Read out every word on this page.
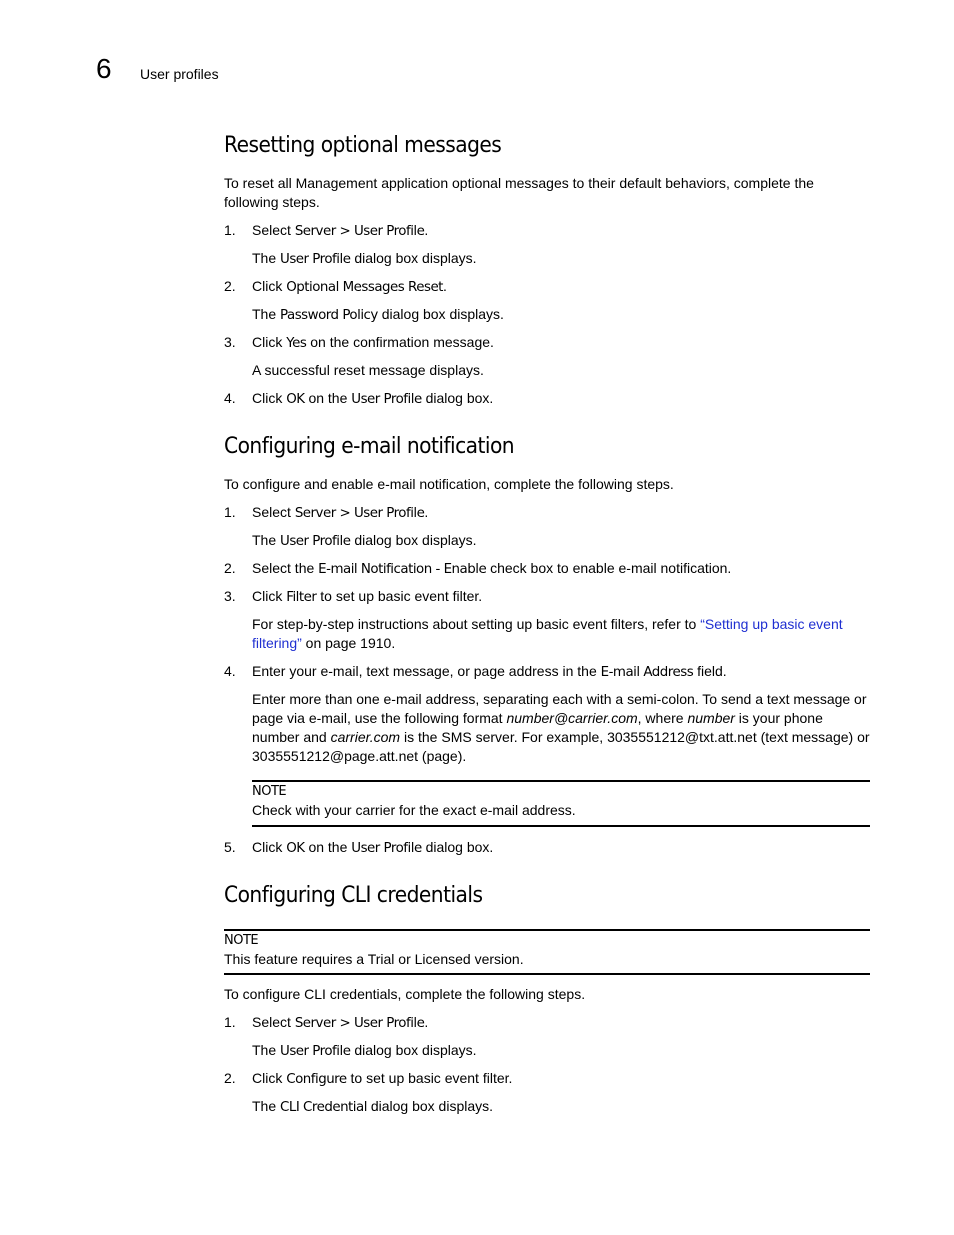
6 User profiles
Resetting optional messages

To reset all Management application optional messages to their default behaviors, complete the following steps.

1. Select Server > User Profile.
The User Profile dialog box displays.
2. Click Optional Messages Reset.
The Password Policy dialog box displays.
3. Click Yes on the confirmation message.
A successful reset message displays.
4. Click OK on the User Profile dialog box.
Configuring e-mail notification

To configure and enable e-mail notification, complete the following steps.

1. Select Server > User Profile.
The User Profile dialog box displays.
2. Select the E-mail Notification - Enable check box to enable e-mail notification.
3. Click Filter to set up basic event filter.
For step-by-step instructions about setting up basic event filters, refer to “Setting up basic event filtering” on page 1910.
4. Enter your e-mail, text message, or page address in the E-mail Address field.
Enter more than one e-mail address, separating each with a semi-colon. To send a text message or page via e-mail, use the following format number@carrier.com, where number is your phone number and carrier.com is the SMS server. For example, 3035551212@txt.att.net (text message) or 3035551212@page.att.net (page).
NOTE
Check with your carrier for the exact e-mail address.
5. Click OK on the User Profile dialog box.
Configuring CLI credentials
NOTE
This feature requires a Trial or Licensed version.

To configure CLI credentials, complete the following steps.

1. Select Server > User Profile.
The User Profile dialog box displays.
2. Click Configure to set up basic event filter.
The CLI Credential dialog box displays.
